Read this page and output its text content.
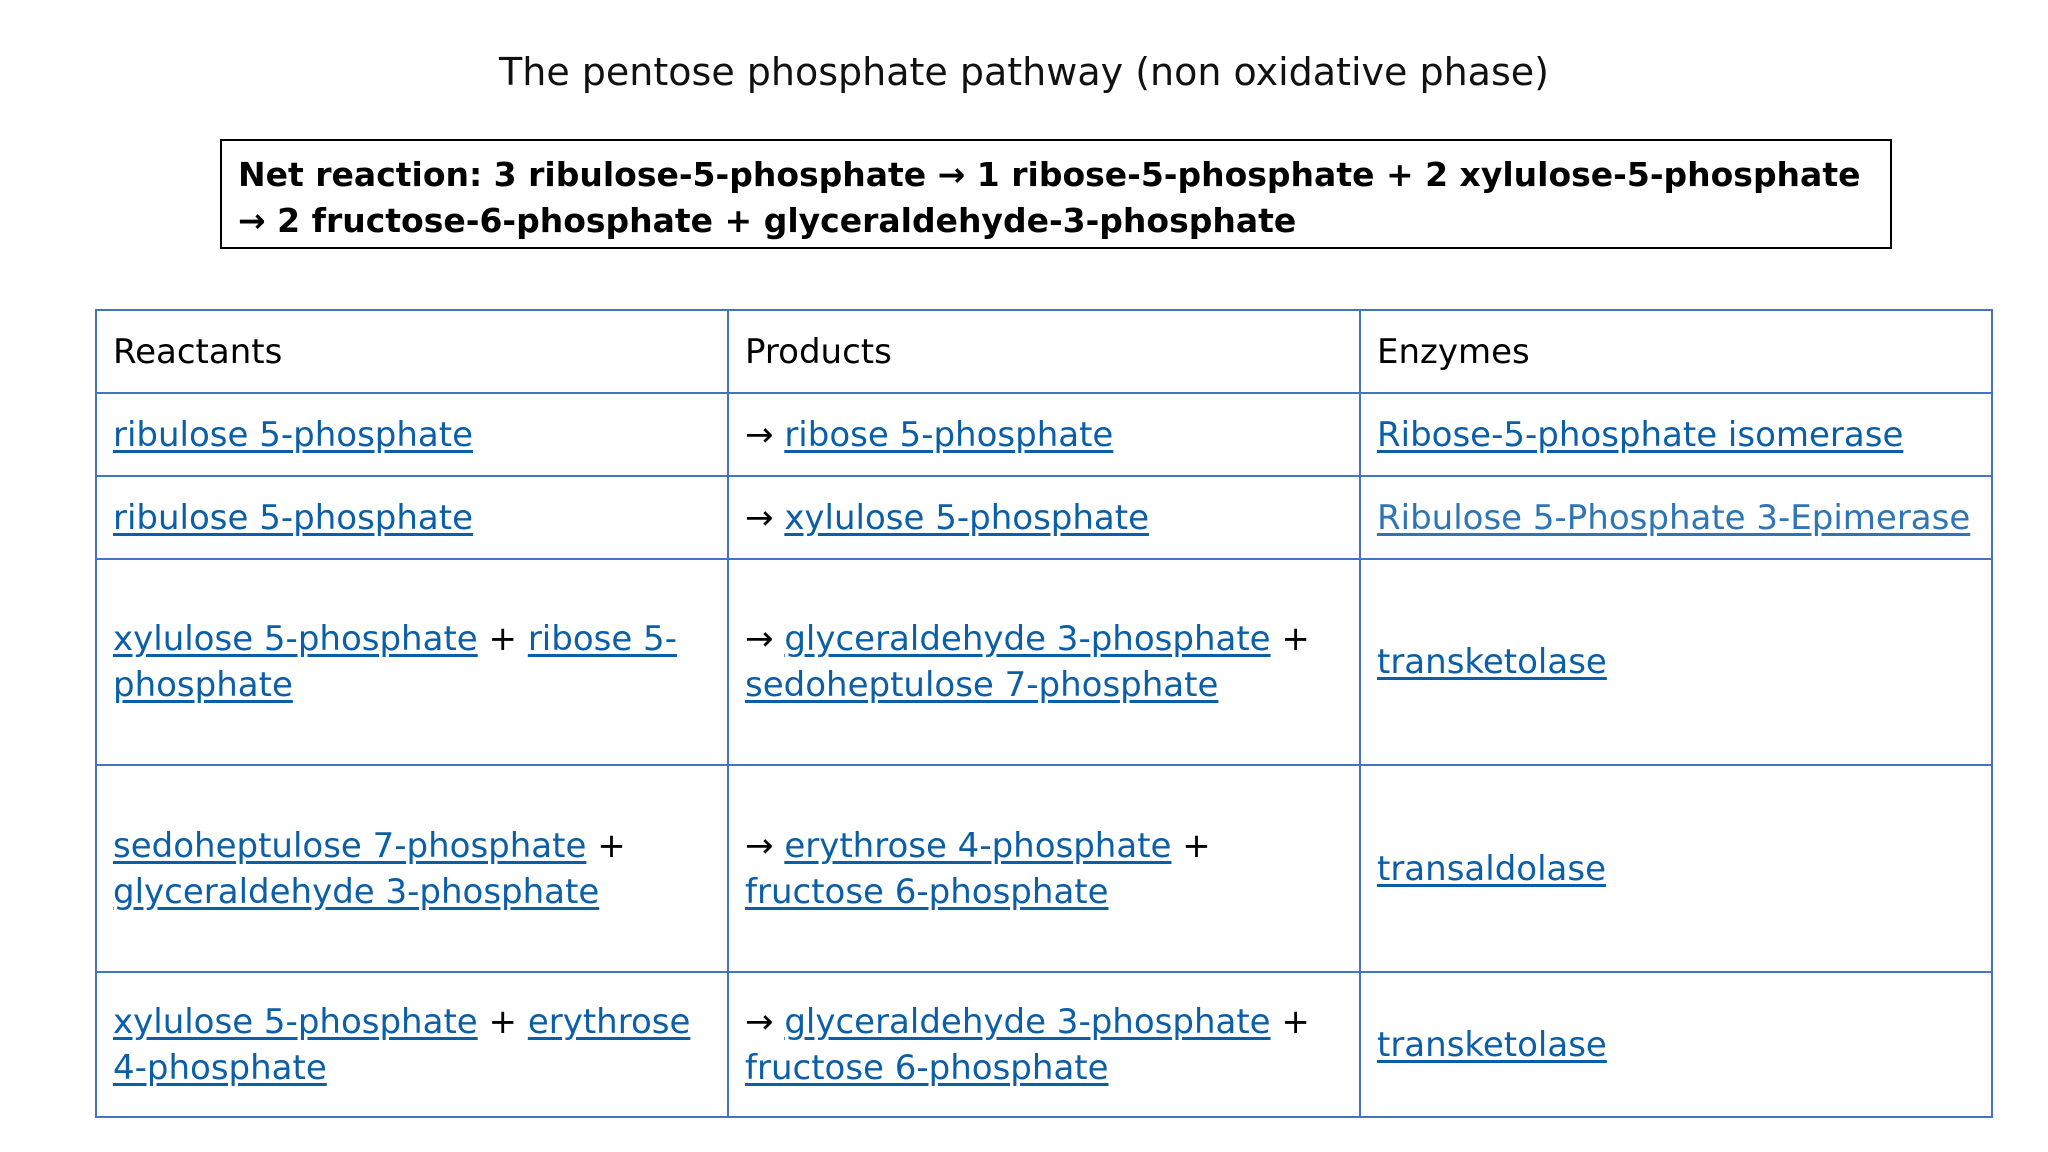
The pentose phosphate pathway (non oxidative phase)
Net reaction: 3 ribulose-5-phosphate → 1 ribose-5-phosphate + 2 xylulose-5-phosphate → 2 fructose-6-phosphate + glyceraldehyde-3-phosphate
Reactants	Products	Enzymes
ribulose 5-phosphate	→ ribose 5-phosphate	Ribose-5-phosphate isomerase
ribulose 5-phosphate	→ xylulose 5-phosphate	Ribulose 5-Phosphate 3-Epimerase
xylulose 5-phosphate + ribose 5-phosphate	→ glyceraldehyde 3-phosphate + sedoheptulose 7-phosphate	transketolase
sedoheptulose 7-phosphate + glyceraldehyde 3-phosphate	→ erythrose 4-phosphate + fructose 6-phosphate	transaldolase
xylulose 5-phosphate + erythrose 4-phosphate	→ glyceraldehyde 3-phosphate + fructose 6-phosphate	transketolase
